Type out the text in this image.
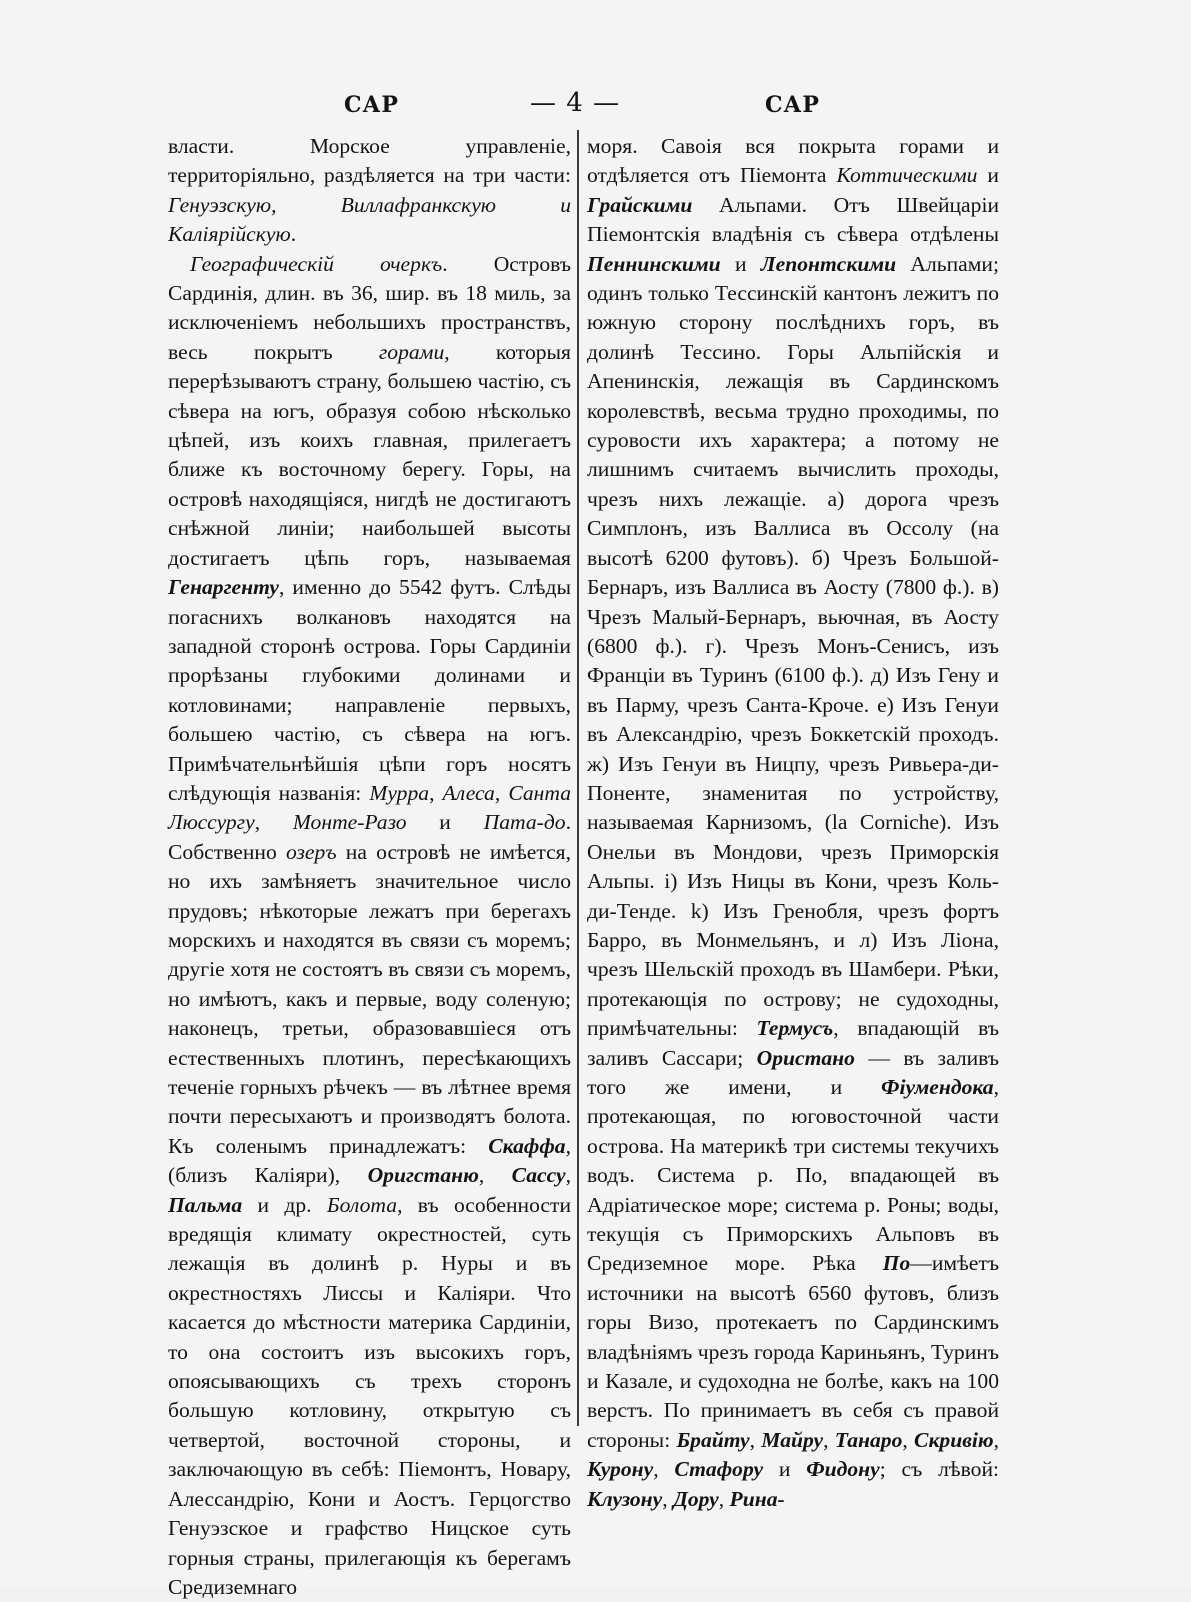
САР	— 4 —	САР

власти. Морское управленіе, территоріяльно, раздѣляется на три части: Генуэзскую, Виллафранкскую и Каліярійскую.

Географическій очеркъ. Островъ Сардинія, длин. въ 36, шир. въ 18 миль, за исключеніемъ небольшихъ пространствъ, весь покрытъ горами, которыя перерѣзываютъ страну, большею частію, съ сѣвера на югъ, образуя собою нѣсколько цѣпей, изъ коихъ главная, прилегаетъ ближе къ восточному берегу. Горы, на островѣ находящіяся, нигдѣ не достигаютъ снѣжной линіи; наибольшей высоты достигаетъ цѣпь горъ, называемая Генаргенту, именно до 5542 футъ. Слѣды погаснихъ волкановъ находятся на западной сторонѣ острова. Горы Сардиніи прорѣзаны глубокими долинами и котловинами; направленіе первыхъ, большею частію, съ сѣвера на югъ. Примѣчательнѣйшія цѣпи горъ носятъ слѣдующія названія: Мурра, Алеса, Санта Люссургу, Монте-Разо и Пата-до. Собственно озеръ на островѣ не имѣется, но ихъ замѣняетъ значительное число прудовъ; нѣкоторые лежатъ при берегахъ морскихъ и находятся въ связи съ моремъ; другіе хотя не состоятъ въ связи съ моремъ, но имѣютъ, какъ и первые, воду соленую; наконецъ, третьи, образовавшіеся отъ естественныхъ плотинъ, пересѣкающихъ теченіе горныхъ рѣчекъ — въ лѣтнее время почти пересыхаютъ и производятъ болота. Къ соленымъ принадлежатъ: Скаффа, (близъ Каліяри), Оригстаню, Сассу, Пальма и др. Болота, въ особенности вредящія климату окрестностей, суть лежащія въ долинѣ р. Нуры и въ окрестностяхъ Лиссы и Каліяри. Что касается до мѣстности материка Сардиніи, то она состоитъ изъ высокихъ горъ, опоясывающихъ съ трехъ сторонъ большую котловину, открытую съ четвертой, восточной стороны, и заключающую въ себѣ: Піемонтъ, Новару, Алессандрію, Кони и Аостъ. Герцогство Генуэзское и графство Ницское суть горныя страны, прилегающія къ берегамъ Средиземнаго

моря. Савоія вся покрыта горами и отдѣляется отъ Піемонта Коттическими и Грайскими Альпами. Отъ Швейцаріи Піемонтскія владѣнія съ сѣвера отдѣлены Пеннинскими и Лепонтскими Альпами; одинъ только Тессинскій кантонъ лежитъ по южную сторону послѣднихъ горъ, въ долинѣ Тессино. Горы Альпійскія и Апенинскія, лежащія въ Сардинскомъ королевствѣ, весьма трудно проходимы, по суровости ихъ характера; а потому не лишнимъ считаемъ вычислить проходы, чрезъ нихъ лежащіе. а) дорога чрезъ Симплонъ, изъ Валлиса въ Оссолу (на высотѣ 6200 футовъ). б) Чрезъ Большой-Бернаръ, изъ Валлиса въ Аосту (7800 ф.). в) Чрезъ Малый-Бернаръ, вьючная, въ Аосту (6800 ф.). г). Чрезъ Монъ-Сенисъ, изъ Франціи въ Туринъ (6100 ф.). д) Изъ Гену и въ Парму, чрезъ Санта-Кроче. е) Изъ Генуи въ Александрію, чрезъ Боккетскій проходъ. ж) Изъ Генуи въ Ницпу, чрезъ Ривьера-ди-Поненте, знаменитая по устройству, называемая Карнизомъ, (la Corniche). Изъ Онельи въ Мондови, чрезъ Приморскія Альпы. і) Изъ Ницы въ Кони, чрезъ Коль-ди-Тенде. k) Изъ Гренобля, чрезъ фортъ Барро, въ Монмельянъ, и л) Изъ Ліона, чрезъ Шельскій проходъ въ Шамбери. Рѣки, протекающія по острову; не судоходны, примѣчательны: Термусъ, впадающій въ заливъ Сассари; Ористано — въ заливъ того же имени, и Фіумендока, протекающая, по юговосточной части острова. На материкѣ три системы текучихъ водъ. Система р. По, впадающей въ Адріатическое море; система р. Роны; воды, текущія съ Приморскихъ Альповъ въ Средиземное море. Рѣка По—имѣетъ источники на высотѣ 6560 футовъ, близъ горы Визо, протекаетъ по Сардинскимъ владѣніямъ чрезъ города Кариньянъ, Туринъ и Казале, и судоходна не болѣе, какъ на 100 верстъ. По принимаетъ въ себя съ правой стороны: Брайту, Майру, Танаро, Скривію, Курону, Стафору и Фидону; съ лѣвой: Клузону, Дору, Рина-
